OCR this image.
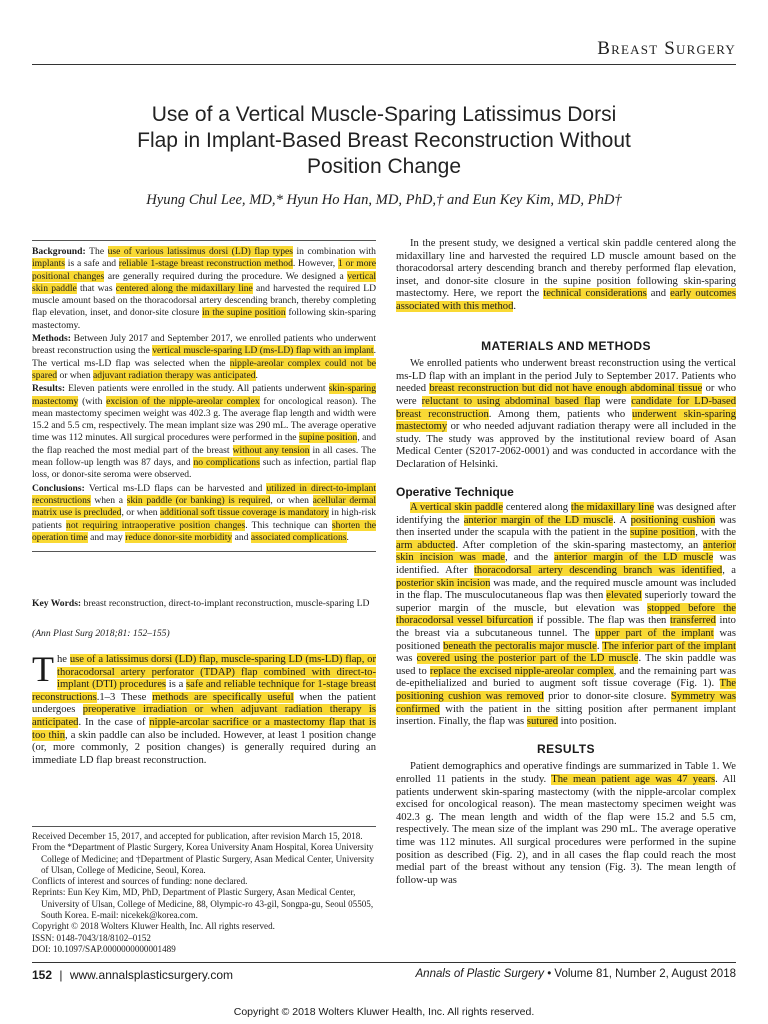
Breast Surgery
Use of a Vertical Muscle-Sparing Latissimus Dorsi
Flap in Implant-Based Breast Reconstruction Without
Position Change
Hyung Chul Lee, MD,* Hyun Ho Han, MD, PhD,† and Eun Key Kim, MD, PhD†

Background: The use of various latissimus dorsi (LD) flap types in combination with implants is a safe and reliable 1-stage breast reconstruction method. However, 1 or more positional changes are generally required during the procedure. We designed a vertical skin paddle that was centered along the midaxillary line and harvested the required LD muscle amount based on the thoracodorsal artery descending branch, thereby completing flap elevation, inset, and donor-site closure in the supine position following skin-sparing mastectomy.

Methods: Between July 2017 and September 2017, we enrolled patients who underwent breast reconstruction using the vertical muscle-sparing LD (ms-LD) flap with an implant. The vertical ms-LD flap was selected when the nipple-areolar complex could not be spared or when adjuvant radiation therapy was anticipated.

Results: Eleven patients were enrolled in the study. All patients underwent skin-sparing mastectomy (with excision of the nipple-areolar complex for oncological reason). The mean mastectomy specimen weight was 402.3 g. The average flap length and width were 15.2 and 5.5 cm, respectively. The mean implant size was 290 mL. The average operative time was 112 minutes. All surgical procedures were performed in the supine position, and the flap reached the most medial part of the breast without any tension in all cases. The mean follow-up length was 87 days, and no complications such as infection, partial flap loss, or donor-site seroma were observed.

Conclusions: Vertical ms-LD flaps can be harvested and utilized in direct-to-implant reconstructions when a skin paddle (or banking) is required, or when acellular dermal matrix use is precluded, or when additional soft tissue coverage is mandatory in high-risk patients not requiring intraoperative position changes. This technique can shorten the operation time and may reduce donor-site morbidity and associated complications.

Key Words: breast reconstruction, direct-to-implant reconstruction, muscle-sparing LD
(Ann Plast Surg 2018;81: 152–155)
The use of a latissimus dorsi (LD) flap, muscle-sparing LD (ms-LD) flap, or thoracodorsal artery perforator (TDAP) flap combined with direct-to-implant (DTI) procedures is a safe and reliable technique for 1-stage breast reconstructions.1–3 These methods are specifically useful when the patient undergoes preoperative irradiation or when adjuvant radiation therapy is anticipated. In the case of nipple-arcolar sacrifice or a mastectomy flap that is too thin, a skin paddle can also be included. However, at least 1 position change (or, more commonly, 2 position changes) is generally required during an immediate LD flap breast reconstruction.
Received December 15, 2017, and accepted for publication, after revision March 15, 2018.
From the *Department of Plastic Surgery, Korea University Anam Hospital, Korea University College of Medicine; and †Department of Plastic Surgery, Asan Medical Center, University of Ulsan, College of Medicine, Seoul, Korea.
Conflicts of interest and sources of funding: none declared.
Reprints: Eun Key Kim, MD, PhD, Department of Plastic Surgery, Asan Medical Center, University of Ulsan, College of Medicine, 88, Olympic-ro 43-gil, Songpa-gu, Seoul 05505, South Korea. E-mail: nicekek@korea.com.
Copyright © 2018 Wolters Kluwer Health, Inc. All rights reserved.
ISSN: 0148-7043/18/8102–0152
DOI: 10.1097/SAP.0000000000001489

In the present study, we designed a vertical skin paddle centered along the midaxillary line and harvested the required LD muscle amount based on the thoracodorsal artery descending branch and thereby performed flap elevation, inset, and donor-site closure in the supine position following skin-sparing mastectomy. Here, we report the technical considerations and early outcomes associated with this method.

MATERIALS AND METHODS

We enrolled patients who underwent breast reconstruction using the vertical ms-LD flap with an implant in the period July to September 2017. Patients who needed breast reconstruction but did not have enough abdominal tissue or who were reluctant to using abdominal based flap were candidate for LD-based breast reconstruction. Among them, patients who underwent skin-sparing mastectomy or who needed adjuvant radiation therapy were all included in the study. The study was approved by the institutional review board of Asan Medical Center (S2017-2062-0001) and was conducted in accordance with the Declaration of Helsinki.

Operative Technique

A vertical skin paddle centered along the midaxillary line was designed after identifying the anterior margin of the LD muscle. A positioning cushion was then inserted under the scapula with the patient in the supine position, with the arm abducted. After completion of the skin-sparing mastectomy, an anterior skin incision was made, and the anterior margin of the LD muscle was identified. After thoracodorsal artery descending branch was identified, a posterior skin incision was made, and the required muscle amount was included in the flap. The musculocutaneous flap was then elevated superiorly toward the superior margin of the muscle, but elevation was stopped before the thoracodorsal vessel bifurcation if possible. The flap was then transferred into the breast via a subcutaneous tunnel. The upper part of the implant was positioned beneath the pectoralis major muscle. The inferior part of the implant was covered using the posterior part of the LD muscle. The skin paddle was used to replace the excised nipple-areolar complex, and the remaining part was de-epithelialized and buried to augment soft tissue coverage (Fig. 1). The positioning cushion was removed prior to donor-site closure. Symmetry was confirmed with the patient in the sitting position after permanent implant insertion. Finally, the flap was sutured into position.

RESULTS

Patient demographics and operative findings are summarized in Table 1. We enrolled 11 patients in the study. The mean patient age was 47 years. All patients underwent skin-sparing mastectomy (with the nipple-arcolar complex excised for oncological reason). The mean mastectomy specimen weight was 402.3 g. The mean length and width of the flap were 15.2 and 5.5 cm, respectively. The mean size of the implant was 290 mL. The average operative time was 112 minutes. All surgical procedures were performed in the supine position as described (Fig. 2), and in all cases the flap could reach the most medial part of the breast without any tension (Fig. 3). The mean length of follow-up was

152 | www.annalsplasticsurgery.com	Annals of Plastic Surgery • Volume 81, Number 2, August 2018
Copyright © 2018 Wolters Kluwer Health, Inc. All rights reserved.
